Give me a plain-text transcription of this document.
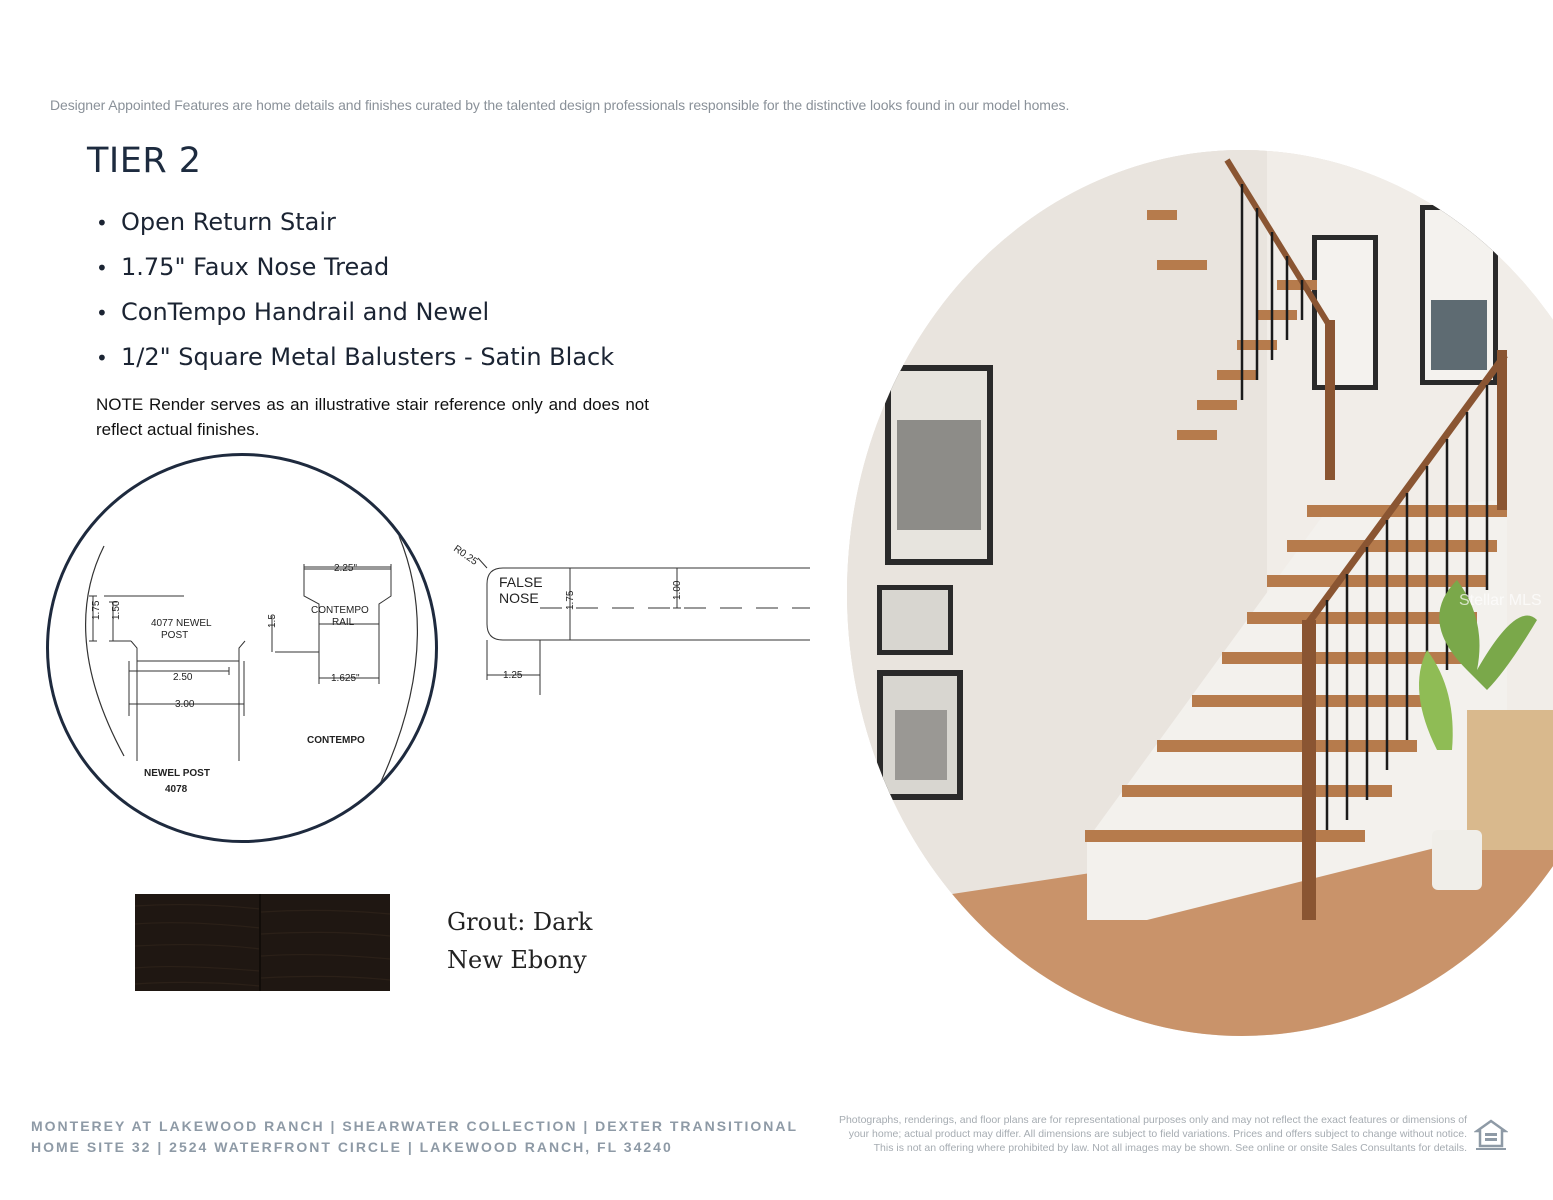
Designer Appointed Features are home details and finishes curated by the talented design professionals responsible for the distinctive looks found in our model homes.
TIER 2
• Open Return Stair
• 1.75" Faux Nose Tread
• ConTempo Handrail and Newel
• 1/2" Square Metal Balusters - Satin Black

NOTE Render serves as an illustrative stair reference only and does not reflect actual finishes.

4077 NEWEL
POST
1.75 1.50
2.50
3.00
2.25"
CONTEMPO
RAIL
1.5
1.625"
CONTEMPO
NEWEL POST
4078
R0.25
FALSE
NOSE	1.75
1.00
1.25
Grout: Dark
New Ebony
Stellar MLS
MONTEREY AT LAKEWOOD RANCH | SHEARWATER COLLECTION | DEXTER TRANSITIONAL
HOME SITE 32 | 2524 WATERFRONT CIRCLE | LAKEWOOD RANCH, FL 34240
Photographs, renderings, and floor plans are for representational purposes only and may not reflect the exact features or dimensions of
your home; actual product may differ. All dimensions are subject to field variations. Prices and offers subject to change without notice.
This is not an offering where prohibited by law. Not all images may be shown. See online or onsite Sales Consultants for details.
